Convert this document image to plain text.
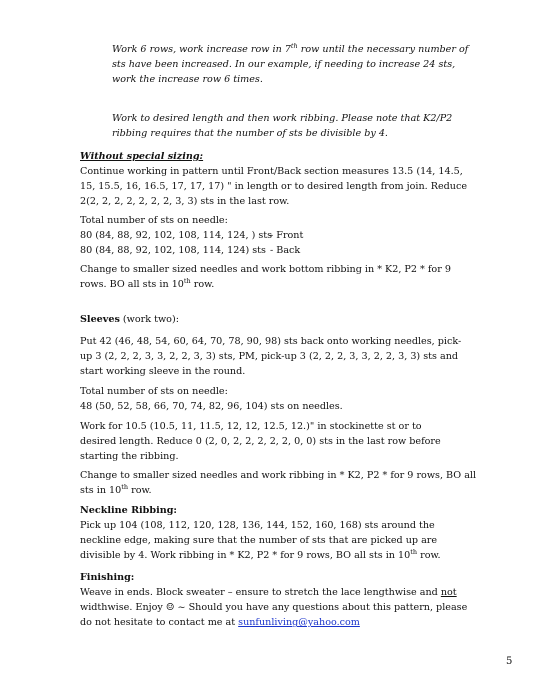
Work 6 rows, work increase row in 7th row until the necessary number of sts have been increased. In our example, if needing to increase 24 sts, work the increase row 6 times.

Work to desired length and then work ribbing. Please note that K2/P2 ribbing requires that the number of sts be divisible by 4.

Without special sizing:

Continue working in pattern until Front/Back section measures 13.5 (14, 14.5, 15, 15.5, 16, 16.5, 17, 17, 17) " in length or to desired length from join. Reduce 2(2, 2, 2, 2, 2, 2, 2, 3, 3) sts in the last row.

Total number of sts on needle:
80 (84, 88, 92, 102, 108, 114, 124, ) sts
- Front
80 (84, 88, 92, 102, 108, 114, 124) sts - Back

Change to smaller sized needles and work bottom ribbing in * K2, P2 * for 9 rows. BO all sts in 10th row.

Sleeves (work two):

Put 42 (46, 48, 54, 60, 64, 70, 78, 90, 98) sts back onto working needles, pick-up 3 (2, 2, 2, 3, 3, 2, 2, 3, 3) sts, PM, pick-up 3 (2, 2, 2, 3, 3, 2, 2, 3, 3) sts and start working sleeve in the round.

Total number of sts on needle:
48 (50, 52, 58, 66, 70, 74, 82, 96, 104) sts on needles.

Work for 10.5 (10.5, 11, 11.5, 12, 12, 12.5, 12.)" in stockinette st or to desired length. Reduce 0 (2, 0, 2, 2, 2, 2, 2, 0, 0) sts in the last row before starting the ribbing.

Change to smaller sized needles and work ribbing in * K2, P2 * for 9 rows, BO all sts in 10th row.

Neckline Ribbing:

Pick up 104 (108, 112, 120, 128, 136, 144, 152, 160, 168) sts around the neckline edge, making sure that the number of sts that are picked up are divisible by 4. Work ribbing in * K2, P2 * for 9 rows, BO all sts in 10th row.

Finishing:

Weave in ends. Block sweater – ensure to stretch the lace lengthwise and not widthwise. Enjoy ☺ ~ Should you have any questions about this pattern, please do not hesitate to contact me at sunfunliving@yahoo.com

5
